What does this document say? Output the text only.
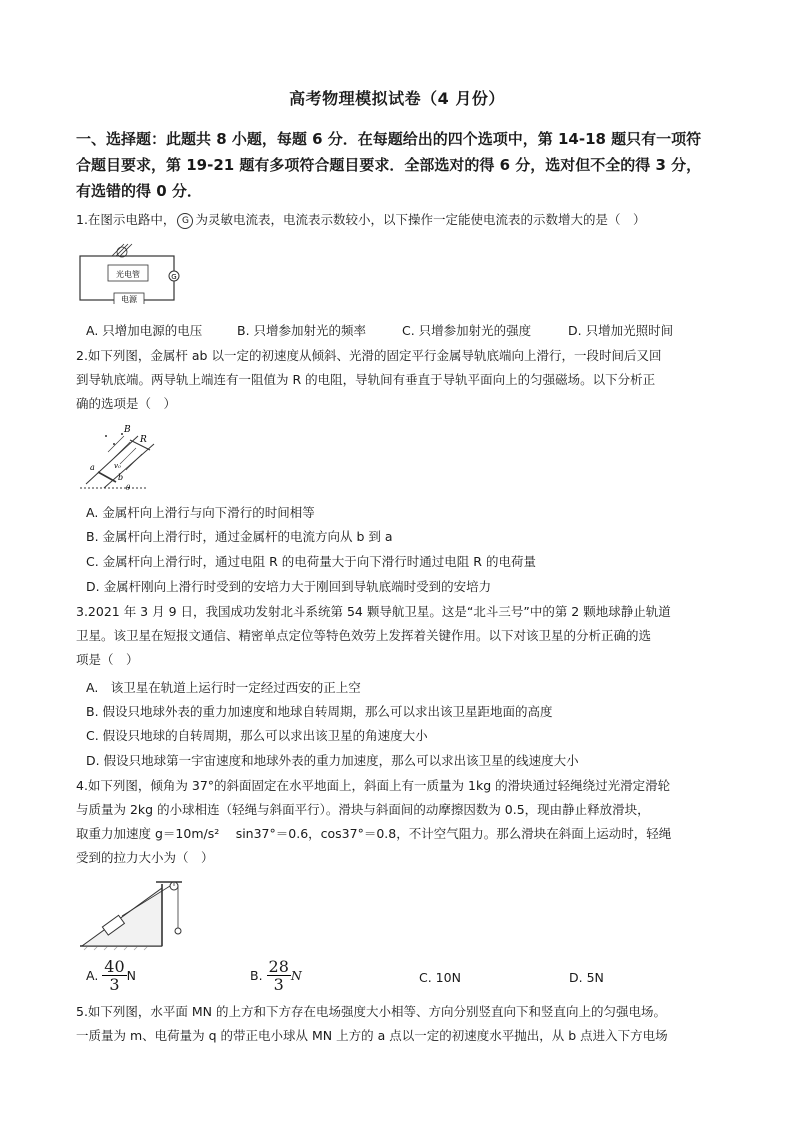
高考物理模拟试卷（4 月份）
一、选择题：此题共 8 小题，每题 6 分．在每题给出的四个选项中，第 14-18 题只有一项符
合题目要求，第 19-21 题有多项符合题目要求．全部选对的得 6 分，选对但不全的得 3 分，
有选错的得 0 分．
1.在图示电路中， G 为灵敏电流表，电流表示数较小，以下操作一定能使电流表的示数增大的是（　）
光电管	G
电源
A. 只增加电源的电压	B. 只增参加射光的频率	C. 只增参加射光的强度	D. 只增加光照时间
2.如下列图，金属杆 ab 以一定的初速度从倾斜、光滑的固定平行金属导轨底端向上滑行，一段时间后又回
到导轨底端。两导轨上端连有一阻值为 R 的电阻，导轨间有垂直于导轨平面向上的匀强磁场。以下分析正
确的选项是（　）
B
R
a
b
v₀
θ
A. 金属杆向上滑行与向下滑行的时间相等
B. 金属杆向上滑行时，通过金属杆的电流方向从 b 到 a
C. 金属杆向上滑行时，通过电阻 R 的电荷量大于向下滑行时通过电阻 R 的电荷量
D. 金属杆刚向上滑行时受到的安培力大于刚回到导轨底端时受到的安培力
3.2021 年 3 月 9 日，我国成功发射北斗系统第 54 颗导航卫星。这是“北斗三号”中的第 2 颗地球静止轨道
卫星。该卫星在短报文通信、精密单点定位等特色效劳上发挥着关键作用。以下对该卫星的分析正确的选
项是（　）
A.　该卫星在轨道上运行时一定经过西安的正上空
B. 假设只地球外表的重力加速度和地球自转周期，那么可以求出该卫星距地面的高度
C. 假设只地球的自转周期，那么可以求出该卫星的角速度大小
D. 假设只地球第一宇宙速度和地球外表的重力加速度，那么可以求出该卫星的线速度大小
4.如下列图，倾角为 37°的斜面固定在水平地面上，斜面上有一质量为 1kg 的滑块通过轻绳绕过光滑定滑轮
与质量为 2kg 的小球相连（轻绳与斜面平行）。滑块与斜面间的动摩擦因数为 0.5，现由静止释放滑块，
取重力加速度 g＝10m/s²　 sin37°＝0.6，cos37°＝0.8，不计空气阻力。那么滑块在斜面上运动时，轻绳
受到的拉力大小为（　）
A. $\frac{40}{3}$ N	B. $\frac{28}{3}$ N	C. 10N	D. 5N
5.如下列图，水平面 MN 的上方和下方存在电场强度大小相等、方向分别竖直向下和竖直向上的匀强电场。
一质量为 m、电荷量为 q 的带正电小球从 MN 上方的 a 点以一定的初速度水平抛出，从 b 点进入下方电场
